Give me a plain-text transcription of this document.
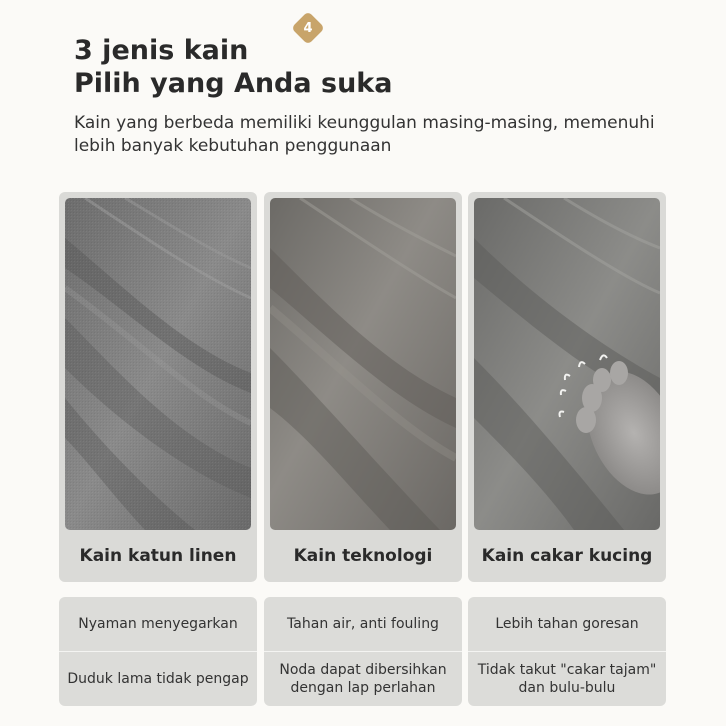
4
3 jenis kain
Pilih yang Anda suka
Kain yang berbeda memiliki keunggulan masing-masing, memenuhi lebih banyak kebutuhan penggunaan
Kain katun linen	Kain teknologi	Kain cakar kucing
Nyaman menyegarkan
Duduk lama tidak pengap
Tahan air, anti fouling
Noda dapat dibersihkan dengan lap perlahan
Lebih tahan goresan
Tidak takut "cakar tajam" dan bulu-bulu
